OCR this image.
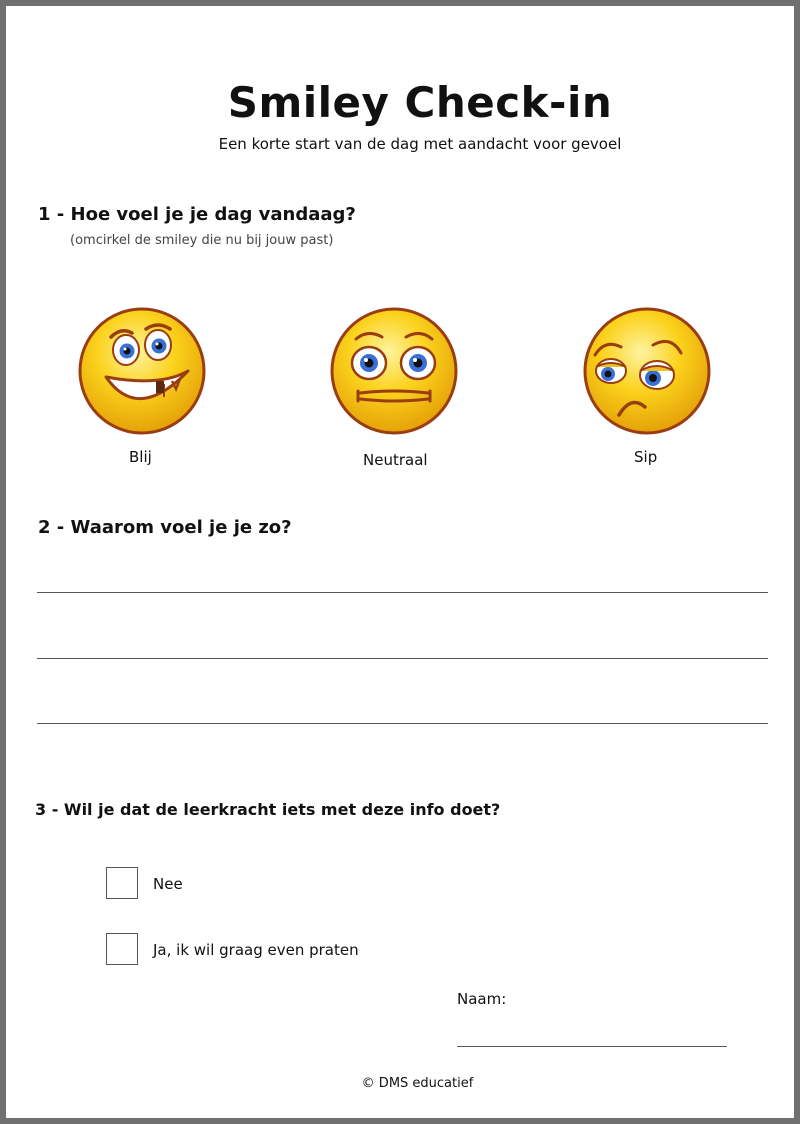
Smiley Check-in
Een korte start van de dag met aandacht voor gevoel
1 - Hoe voel je je dag vandaag?
(omcirkel de smiley die nu bij jouw past)
Blij	Neutraal	Sip
2 - Waarom voel je je zo?
3 - Wil je dat de leerkracht iets met deze info doet?
Nee
Ja, ik wil graag even praten
Naam:
© DMS educatief
